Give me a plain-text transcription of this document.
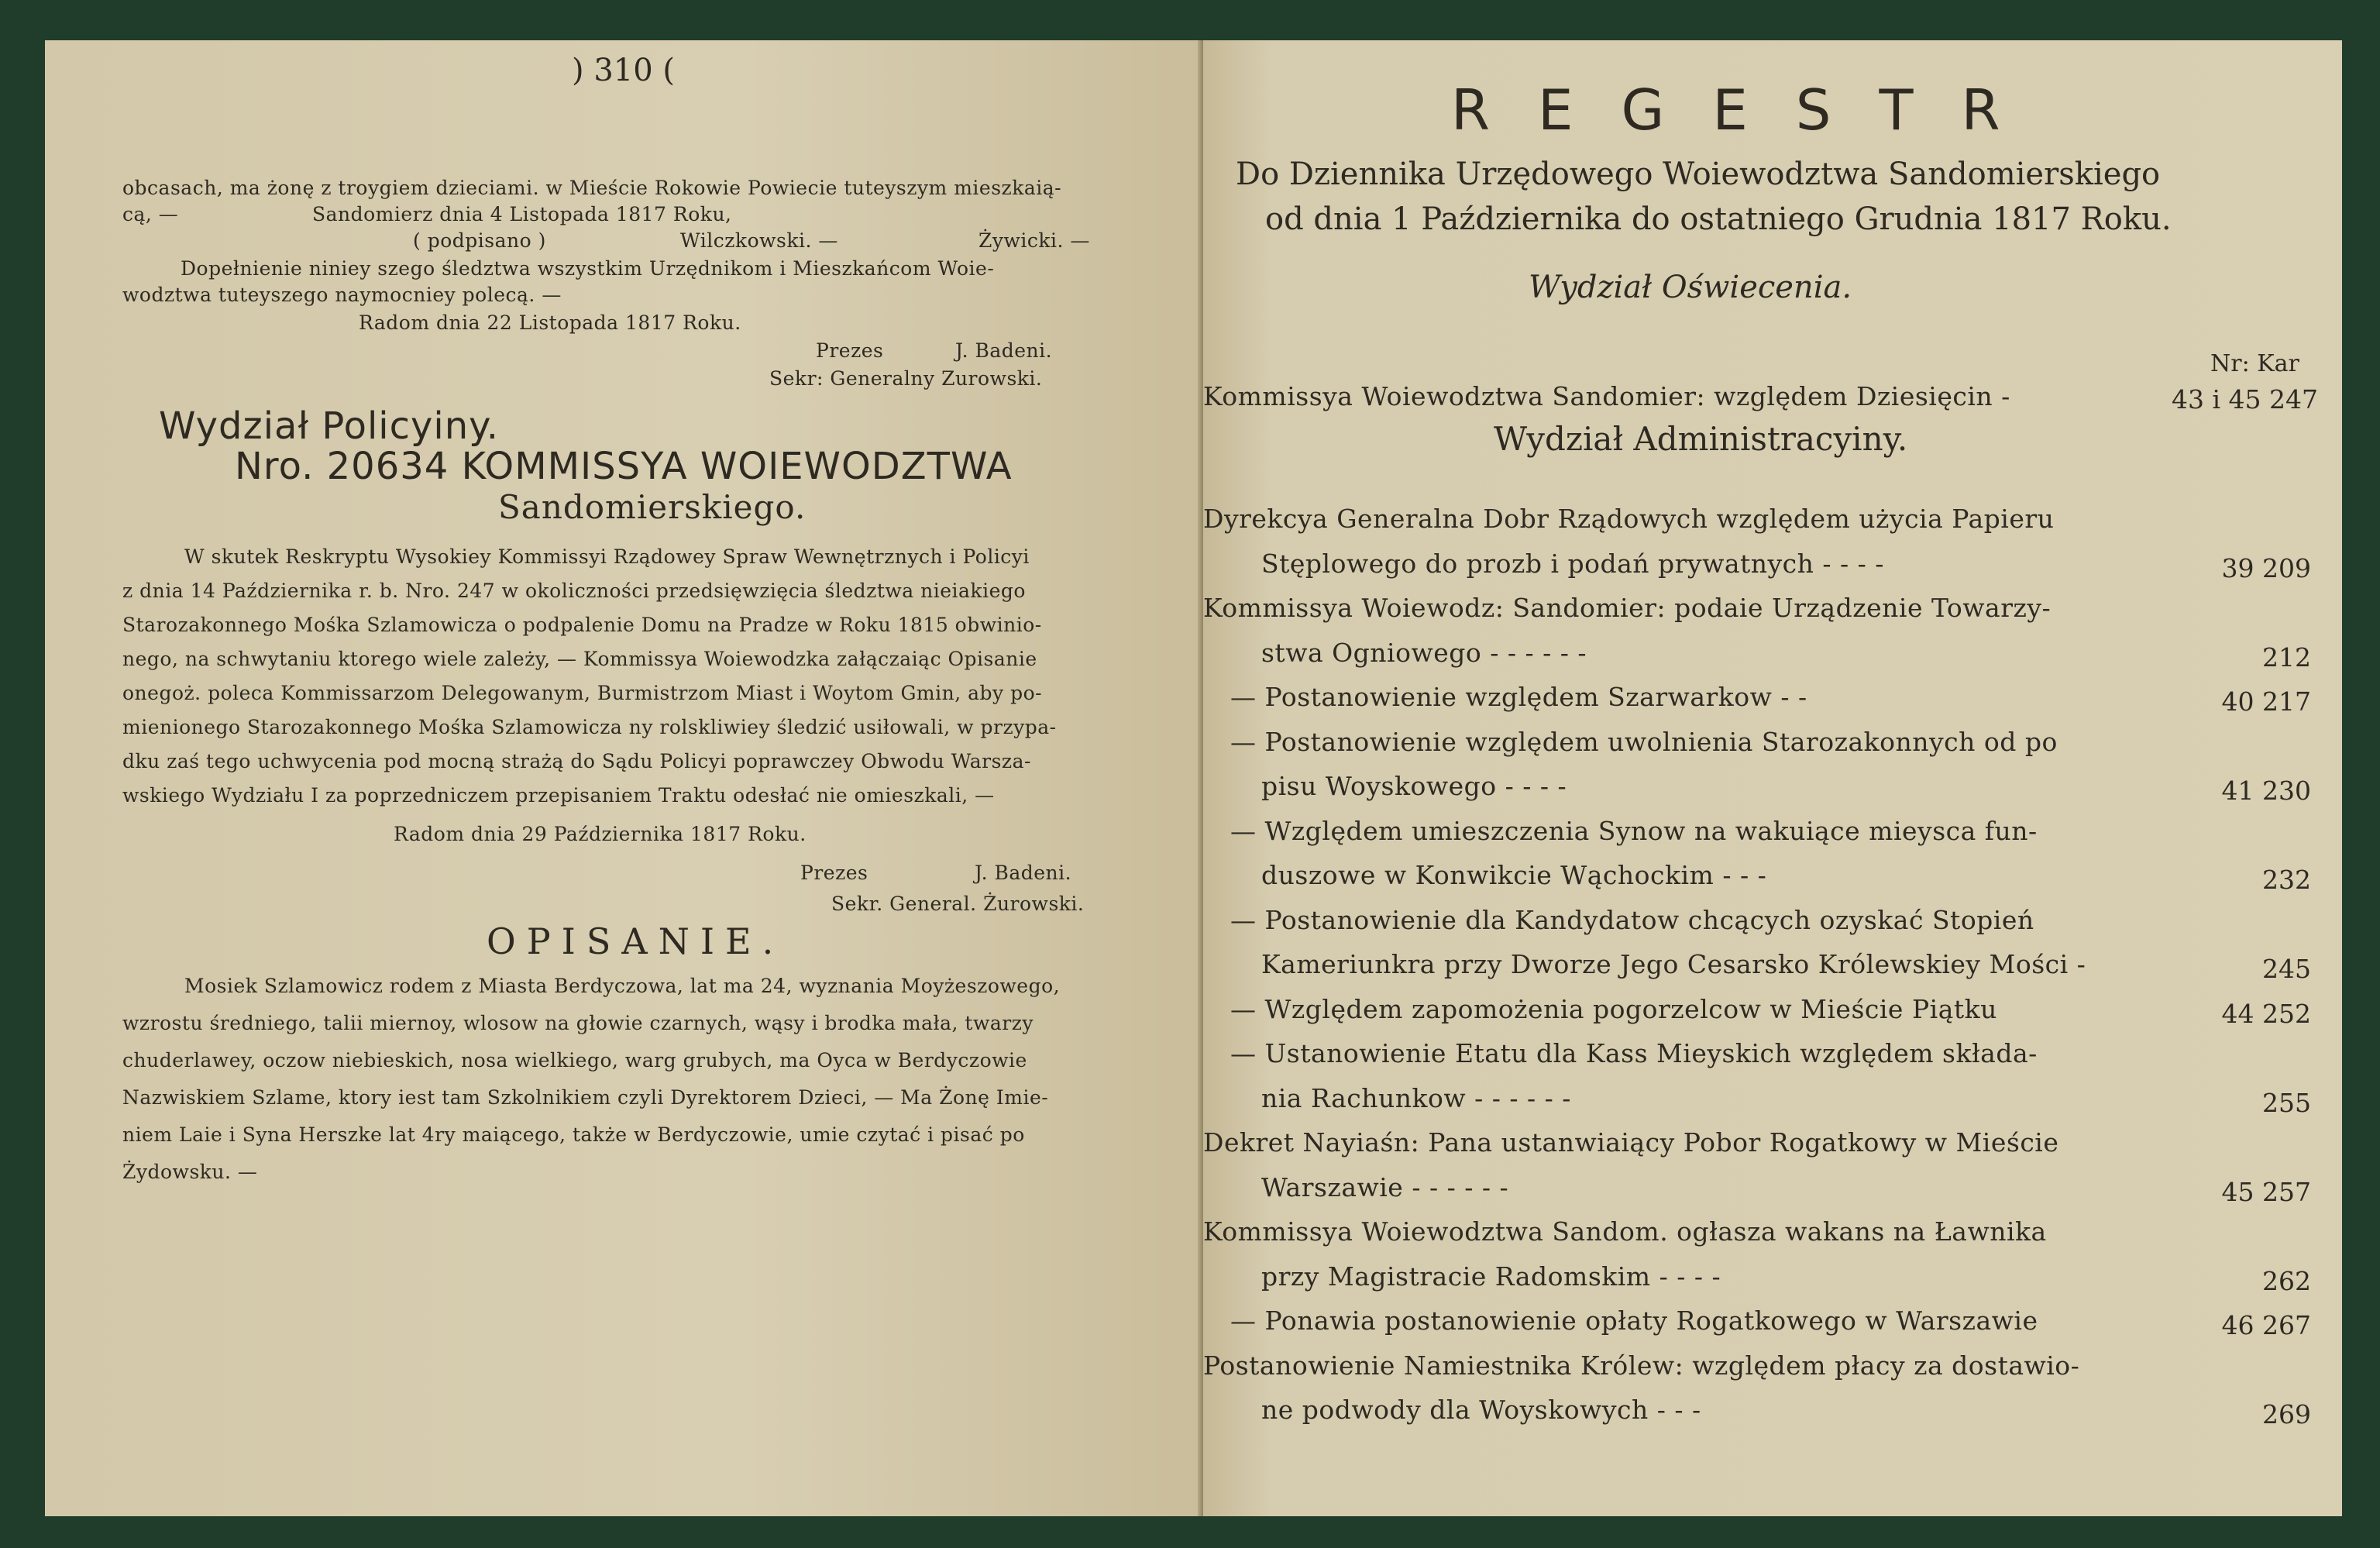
) 310 (
obcasach, ma żonę z troygiem dzieciami. w Mieście Rokowie Powiecie tuteyszym mieszkaią-
cą, —	Sandomierz dnia 4 Listopada 1817 Roku,
( podpisano )	Wilczkowski. —	Żywicki. —
Dopełnienie niniey szego śledztwa wszystkim Urzędnikom i Mieszkańcom Woie-
wodztwa tuteyszego naymocniey polecą. —
Radom dnia 22 Listopada 1817 Roku.
Prezes	J. Badeni.
Sekr: Generalny Zurowski.
Wydział Policyiny.
Nro. 20634 KOMMISSYA WOIEWODZTWA
Sandomierskiego.
W skutek Reskryptu Wysokiey Kommissyi Rządowey Spraw Wewnętrznych i Policyi
z dnia 14 Października r. b. Nro. 247 w okoliczności przedsięwzięcia śledztwa nieiakiego
Starozakonnego Mośka Szlamowicza o podpalenie Domu na Pradze w Roku 1815 obwinio-
nego, na schwytaniu ktorego wiele zależy, — Kommissya Woiewodzka załączaiąc Opisanie
onegoż. poleca Kommissarzom Delegowanym, Burmistrzom Miast i Woytom Gmin, aby po-
mienionego Starozakonnego Mośka Szlamowicza ny rolskliwiey śledzić usiłowali, w przypa-
dku zaś tego uchwycenia pod mocną strażą do Sądu Policyi poprawczey Obwodu Warsza-
wskiego Wydziału I za poprzedniczem przepisaniem Traktu odesłać nie omieszkali, —
Radom dnia 29 Października 1817 Roku.
Prezes	J. Badeni.
Sekr. General. Żurowski.
OPISANIE.
Mosiek Szlamowicz rodem z Miasta Berdyczowa, lat ma 24, wyznania Moyżeszowego,
wzrostu średniego, talii miernoy, wlosow na głowie czarnych, wąsy i brodka mała, twarzy
chuderlawey, oczow niebieskich, nosa wielkiego, warg grubych, ma Oyca w Berdyczowie
Nazwiskiem Szlame, ktory iest tam Szkolnikiem czyli Dyrektorem Dzieci, — Ma Żonę Imie-
niem Laie i Syna Herszke lat 4ry maiącego, także w Berdyczowie, umie czytać i pisać po
Żydowsku. —
REGESTR
Do Dziennika Urzędowego Woiewodztwa Sandomierskiego
od dnia 1 Października do ostatniego Grudnia 1817 Roku.
Wydział Oświecenia.
Nr: Kar
Kommissya Woiewodztwa Sandomier: względem Dziesięcin -	43 i 45 247
Wydział Administracyiny.
Dyrekcya Generalna Dobr Rządowych względem użycia Papieru
Stęplowego do prozb i podań prywatnych - - - -	39 209
Kommissya Woiewodz: Sandomier: podaie Urządzenie Towarzy-
stwa Ogniowego - - - - - -	212
— Postanowienie względem Szarwarkow - -	40 217
— Postanowienie względem uwolnienia Starozakonnych od po
pisu Woyskowego - - - -	41 230
— Względem umieszczenia Synow na wakuiące mieysca fun-
duszowe w Konwikcie Wąchockim - - -	232
— Postanowienie dla Kandydatow chcących ozyskać Stopień
Kameriunkra przy Dworze Jego Cesarsko Królewskiey Mości -	245
— Względem zapomożenia pogorzelcow w Mieście Piątku	44 252
— Ustanowienie Etatu dla Kass Mieyskich względem składa-
nia Rachunkow - - - - - -	255
Dekret Nayiaśn: Pana ustanwiaiący Pobor Rogatkowy w Mieście
Warszawie - - - - - -	45 257
Kommissya Woiewodztwa Sandom. ogłasza wakans na Ławnika
przy Magistracie Radomskim - - - -	262
— Ponawia postanowienie opłaty Rogatkowego w Warszawie	46 267
Postanowienie Namiestnika Królew: względem płacy za dostawio-
ne podwody dla Woyskowych - - -	269
